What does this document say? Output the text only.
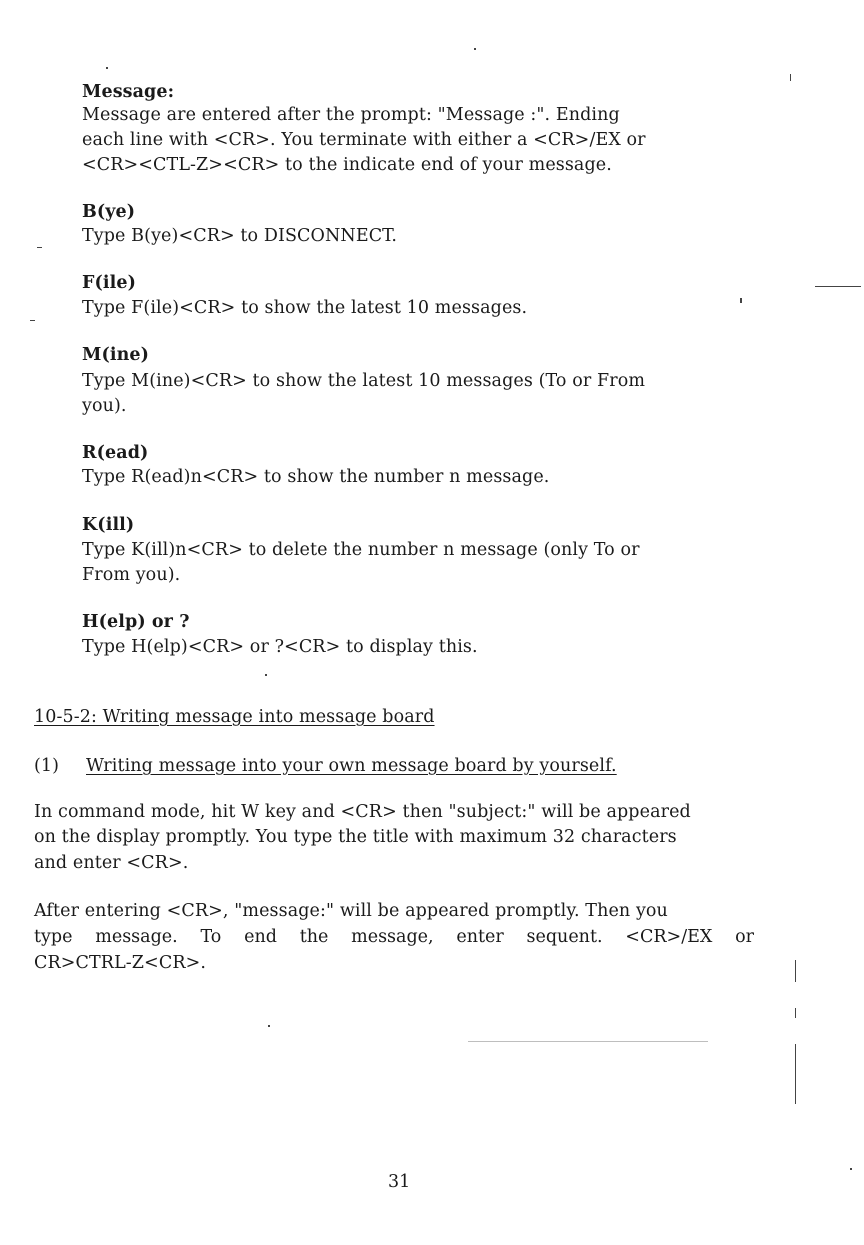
Message:
Message are entered after the prompt: "Message :". Ending
each line with <CR>. You terminate with either a <CR>/EX or
<CR><CTL-Z><CR> to the indicate end of your message.
B(ye)
Type B(ye)<CR> to DISCONNECT.
F(ile)
Type F(ile)<CR> to show the latest 10 messages.
M(ine)
Type M(ine)<CR> to show the latest 10 messages (To or From
you).
R(ead)
Type R(ead)n<CR> to show the number n message.
K(ill)
Type K(ill)n<CR> to delete the number n message (only To or
From you).
H(elp) or ?
Type H(elp)<CR> or ?<CR> to display this.
10-5-2: Writing message into message board
(1) Writing message into your own message board by yourself.
In command mode, hit W key and <CR> then "subject:" will be appeared
on the display promptly. You type the title with maximum 32 characters
and enter <CR>.
After entering <CR>, "message:" will be appeared promptly. Then you
type message. To end the message, enter sequent. <CR>/EX or
CR>CTRL-Z<CR>.
31
